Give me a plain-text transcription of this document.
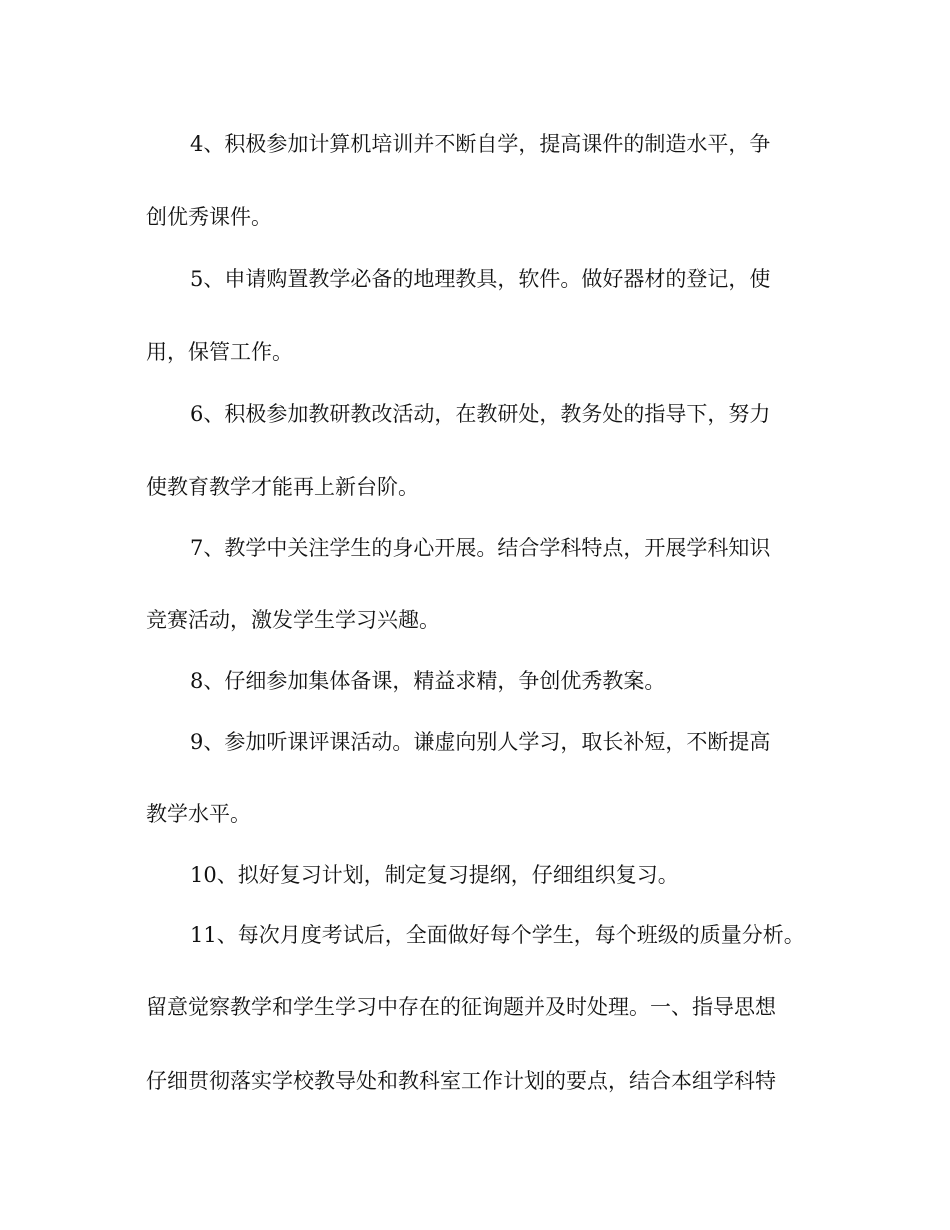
4、积极参加计算机培训并不断自学，提高课件的制造水平，争
创优秀课件。
5、申请购置教学必备的地理教具，软件。做好器材的登记，使
用，保管工作。
6、积极参加教研教改活动，在教研处，教务处的指导下，努力
使教育教学才能再上新台阶。
7、教学中关注学生的身心开展。结合学科特点，开展学科知识
竞赛活动，激发学生学习兴趣。
8、仔细参加集体备课，精益求精，争创优秀教案。
9、参加听课评课活动。谦虚向别人学习，取长补短，不断提高
教学水平。
10、拟好复习计划，制定复习提纲，仔细组织复习。
11、每次月度考试后，全面做好每个学生，每个班级的质量分析。
留意觉察教学和学生学习中存在的征询题并及时处理。一、指导思想
仔细贯彻落实学校教导处和教科室工作计划的要点，结合本组学科特
